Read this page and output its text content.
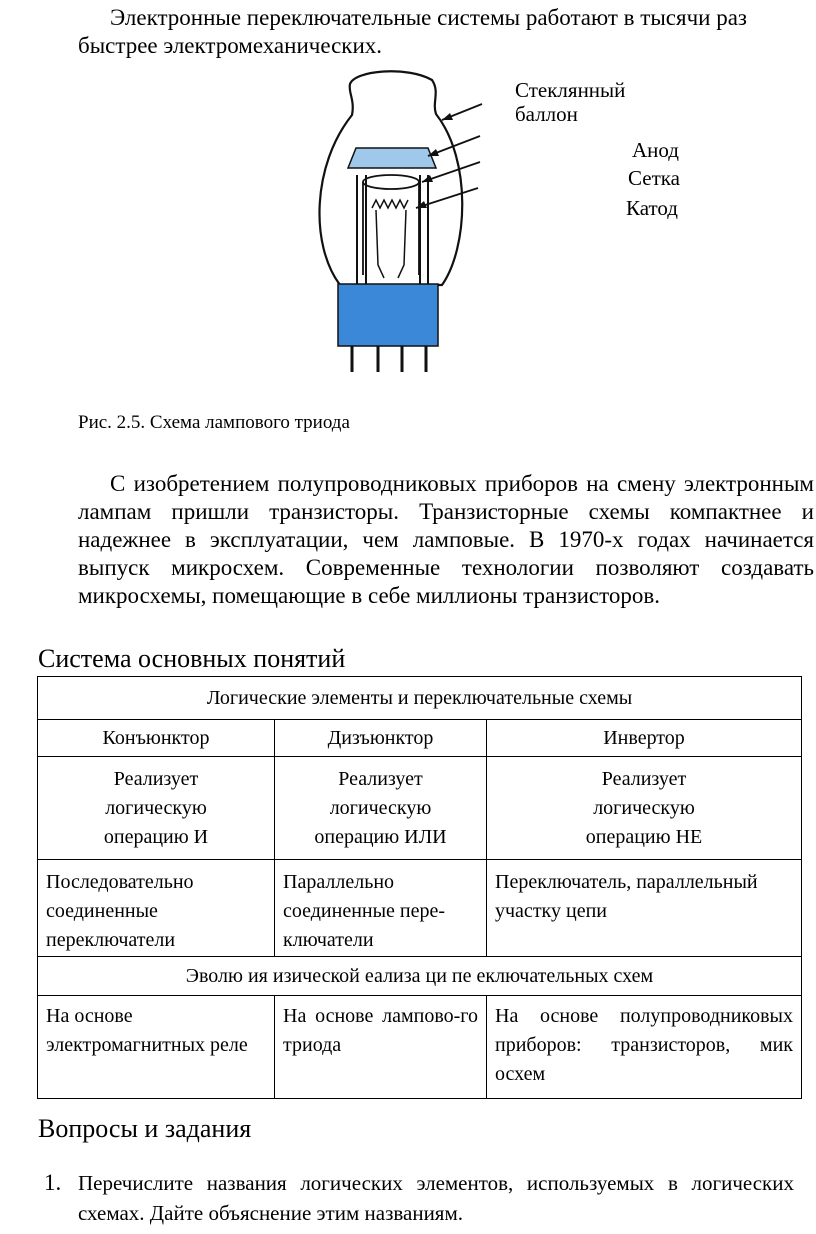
Электронные переключательные системы работают в тысячи раз быстрее электромеханических.
Стеклянный баллон
Анод
Сетка
Катод
Рис. 2.5. Схема лампового триода
С изобретением полупроводниковых приборов на смену электронным лампам пришли транзисторы. Транзисторные схемы компактнее и надежнее в эксплуатации, чем ламповые. В 1970-х годах начинается выпуск микросхем. Современные технологии позволяют создавать микросхемы, помещающие в себе миллионы транзисторов.
Система основных понятий
Логические элементы и переключательные схемы		
Конъюнктор	Дизъюнктор	Инвертор
Реализует логическую операцию И	Реализует логическую операцию ИЛИ	Реализует логическую операцию НЕ
Последовательно соединенные переключатели	Параллельно соединенные пере-ключатели	Переключатель, параллельный участку цепи
Эволю ия изической еализа ци пе еключательных схем		
На основе электромагнитных реле	На основе лампово-го триода	На основе полупроводниковых приборов: транзисторов, мик осхем
Вопросы и задания
1. Перечислите названия логических элементов, используемых в логических схемах. Дайте объяснение этим названиям.
